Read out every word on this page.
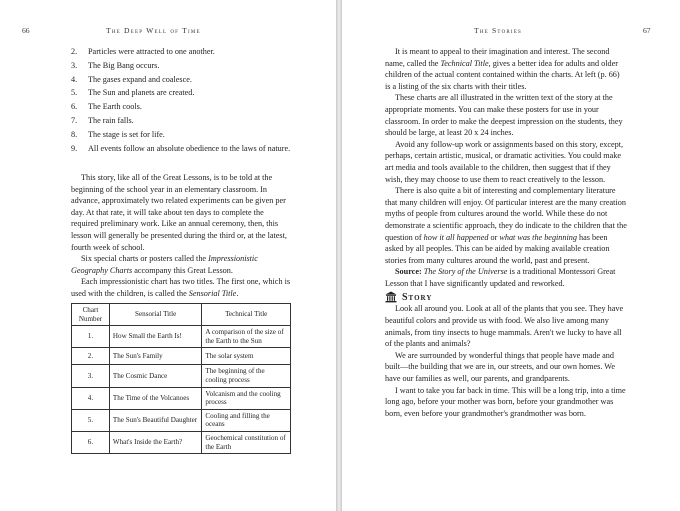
66	The Deep Well of Time
2. Particles were attracted to one another.
3. The Big Bang occurs.
4. The gases expand and coalesce.
5. The Sun and planets are created.
6. The Earth cools.
7. The rain falls.
8. The stage is set for life.
9. All events follow an absolute obedience to the laws of nature.

This story, like all of the Great Lessons, is to be told at the beginning of the school year in an elementary classroom. In advance, approximately two related experiments can be given per day. At that rate, it will take about ten days to complete the required preliminary work. Like an annual ceremony, then, this lesson will generally be presented during the third or, at the latest, fourth week of school.

Six special charts or posters called the Impressionistic Geography Charts accompany this Great Lesson.

Each impressionistic chart has two titles. The first one, which is used with the children, is called the Sensorial Title.

Chart Number	Sensorial Title	Technical Title
1.	How Small the Earth Is!	A comparison of the size of the Earth to the Sun
2.	The Sun's Family	The solar system
3.	The Cosmic Dance	The beginning of the cooling process
4.	The Time of the Volcanoes	Volcanism and the cooling process
5.	The Sun's Beautiful Daughter	Cooling and filling the oceans
6.	What's Inside the Earth?	Geochemical constitution of the Earth
The Stories	67

It is meant to appeal to their imagination and interest. The second name, called the Technical Title, gives a better idea for adults and older children of the actual content contained within the charts. At left (p. 66) is a listing of the six charts with their titles.

These charts are all illustrated in the written text of the story at the appropriate moments. You can make these posters for use in your classroom. In order to make the deepest impression on the students, they should be large, at least 20 x 24 inches.

Avoid any follow-up work or assignments based on this story, except, perhaps, certain artistic, musical, or dramatic activities. You could make art media and tools available to the children, then suggest that if they wish, they may choose to use them to react creatively to the lesson.

There is also quite a bit of interesting and complementary literature that many children will enjoy. Of particular interest are the many creation myths of people from cultures around the world. While these do not demonstrate a scientific approach, they do indicate to the children that the question of how it all happened or what was the beginning has been asked by all peoples. This can be aided by making available creation stories from many cultures around the world, past and present.

Source: The Story of the Universe is a traditional Montessori Great Lesson that I have significantly updated and reworked.

Story

Look all around you. Look at all of the plants that you see. They have beautiful colors and provide us with food. We also live among many animals, from tiny insects to huge mammals. Aren't we lucky to have all of the plants and animals?

We are surrounded by wonderful things that people have made and built—the building that we are in, our streets, and our own homes. We have our families as well, our parents, and grandparents.

I want to take you far back in time. This will be a long trip, into a time long ago, before your mother was born, before your grandmother was born, even before your grandmother's grandmother was born.
